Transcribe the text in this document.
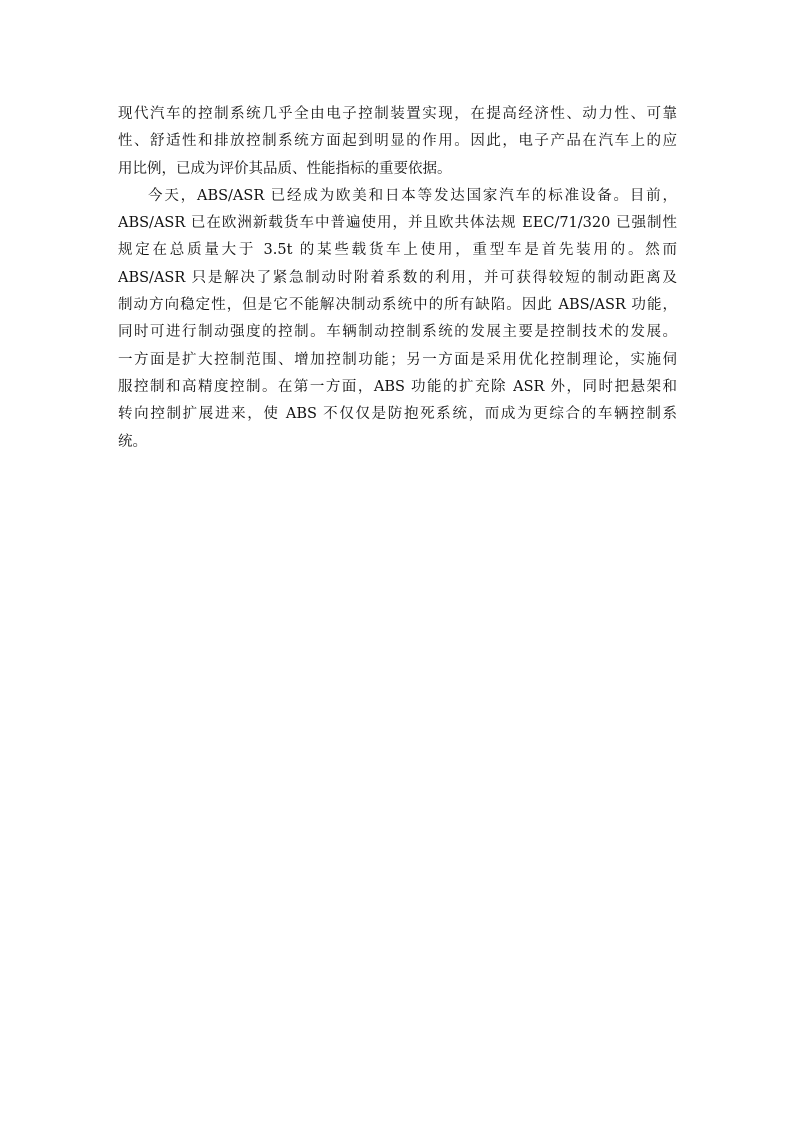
现代汽车的控制系统几乎全由电子控制装置实现，在提高经济性、动力性、可靠
性、舒适性和排放控制系统方面起到明显的作用。因此，电子产品在汽车上的应
用比例，已成为评价其品质、性能指标的重要依据。
今天，ABS/ASR 已经成为欧美和日本等发达国家汽车的标准设备。目前，
ABS/ASR 已在欧洲新载货车中普遍使用，并且欧共体法规 EEC/71/320 已强制性
规定在总质量大于 3.5t 的某些载货车上使用，重型车是首先装用的。然而
ABS/ASR 只是解决了紧急制动时附着系数的利用，并可获得较短的制动距离及
制动方向稳定性，但是它不能解决制动系统中的所有缺陷。因此 ABS/ASR 功能，
同时可进行制动强度的控制。车辆制动控制系统的发展主要是控制技术的发展。
一方面是扩大控制范围、增加控制功能；另一方面是采用优化控制理论，实施伺
服控制和高精度控制。在第一方面，ABS 功能的扩充除 ASR 外，同时把悬架和
转向控制扩展进来，使 ABS 不仅仅是防抱死系统，而成为更综合的车辆控制系
统。
